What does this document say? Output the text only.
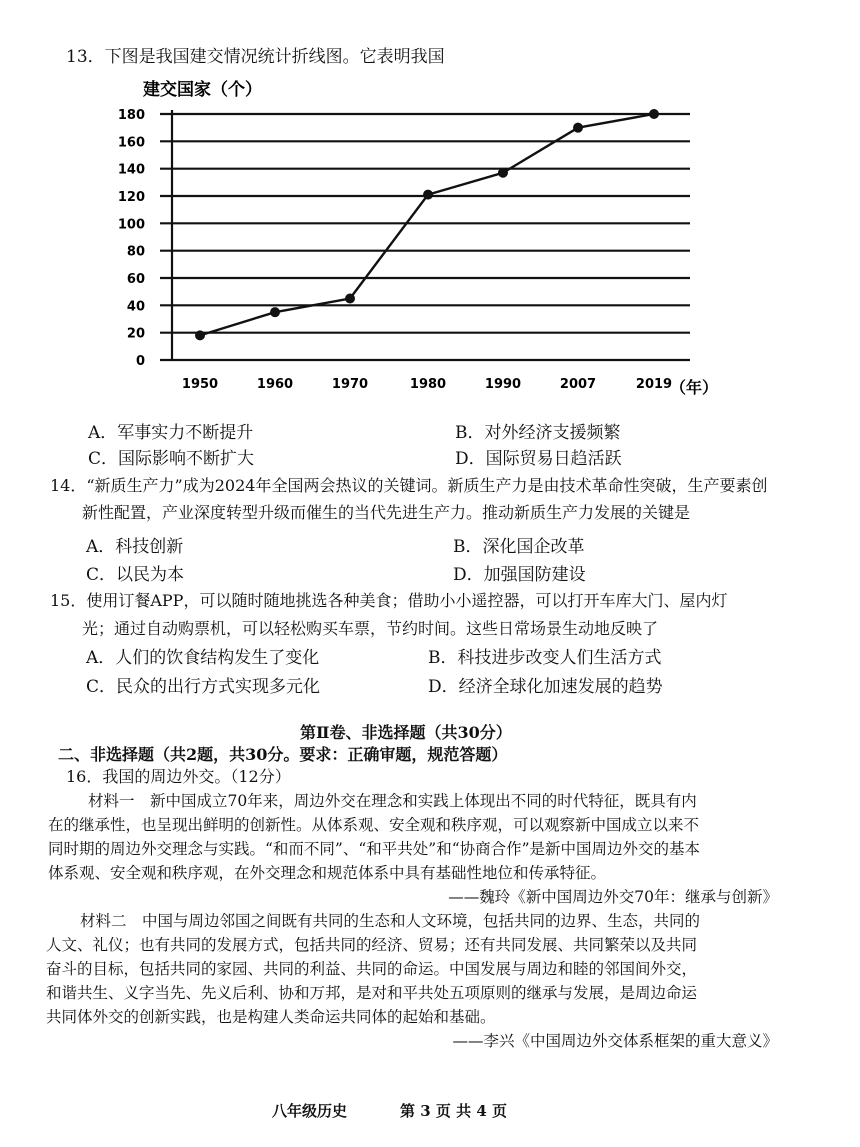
13．下图是我国建交情况统计折线图。它表明我国
0
20
40
60
80
100
120
140
160
180
1950	1960	1970	1980	1990	2007	2019
建交国家（个）
（年）
A．军事实力不断提升	B．对外经济支援频繁
C．国际影响不断扩大	D．国际贸易日趋活跃
14．“新质生产力”成为2024年全国两会热议的关键词。新质生产力是由技术革命性突破，生产要素创
新性配置，产业深度转型升级而催生的当代先进生产力。推动新质生产力发展的关键是
A．科技创新	B．深化国企改革
C．以民为本	D．加强国防建设
15．使用订餐APP，可以随时随地挑选各种美食；借助小小遥控器，可以打开车库大门、屋内灯
光；通过自动购票机，可以轻松购买车票，节约时间。这些日常场景生动地反映了
A．人们的饮食结构发生了变化	B．科技进步改变人们生活方式
C．民众的出行方式实现多元化	D．经济全球化加速发展的趋势
第Ⅱ卷、非选择题（共30分）
二、非选择题（共2题，共30分。要求：正确审题，规范答题）
16．我国的周边外交。（12分）
材料一　新中国成立70年来，周边外交在理念和实践上体现出不同的时代特征，既具有内
在的继承性，也呈现出鲜明的创新性。从体系观、安全观和秩序观，可以观察新中国成立以来不
同时期的周边外交理念与实践。“和而不同”、“和平共处”和“协商合作”是新中国周边外交的基本
体系观、安全观和秩序观，在外交理念和规范体系中具有基础性地位和传承特征。
——魏玲《新中国周边外交70年：继承与创新》
材料二　中国与周边邻国之间既有共同的生态和人文环境，包括共同的边界、生态，共同的
人文、礼仪；也有共同的发展方式，包括共同的经济、贸易；还有共同发展、共同繁荣以及共同
奋斗的目标，包括共同的家园、共同的利益、共同的命运。中国发展与周边和睦的邻国间外交，
和谐共生、义字当先、先义后利、协和万邦，是对和平共处五项原则的继承与发展，是周边命运
共同体外交的创新实践，也是构建人类命运共同体的起始和基础。
——李兴《中国周边外交体系框架的重大意义》
八年级历史	第 3 页 共 4 页
